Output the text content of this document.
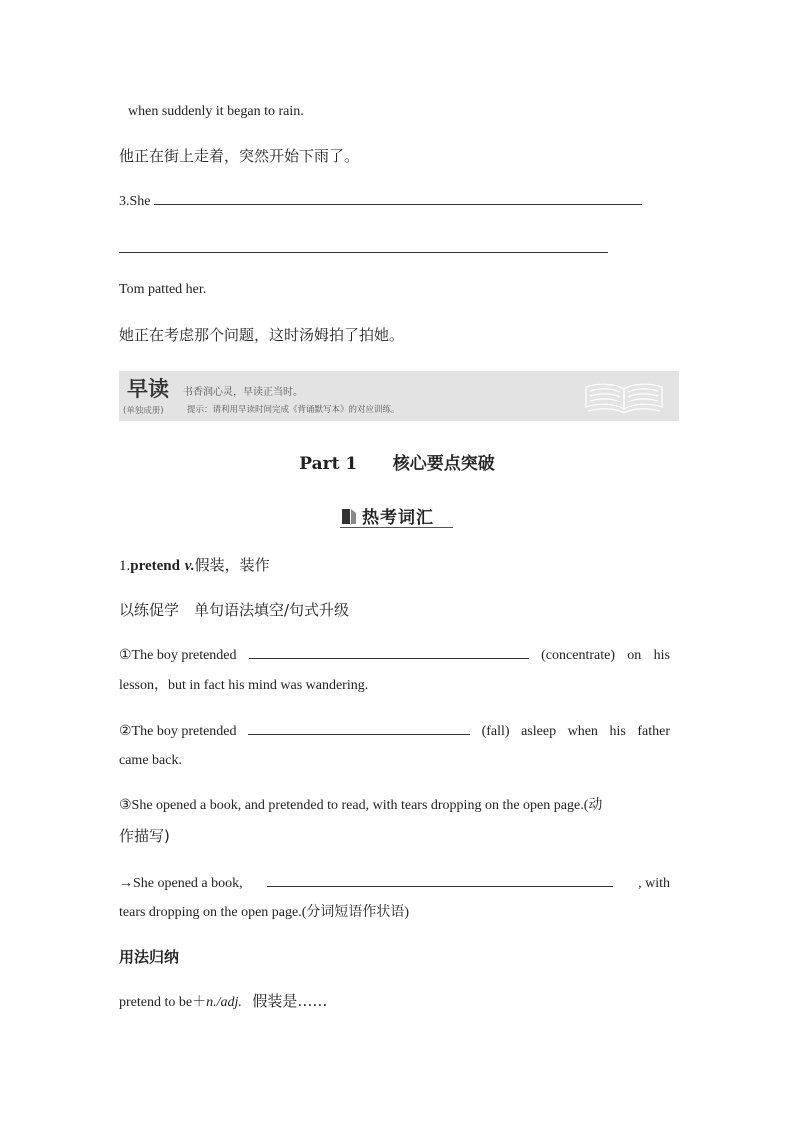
when suddenly it began to rain.
他正在街上走着，突然开始下雨了。
3.She
Tom patted her.
她正在考虑那个问题，这时汤姆拍了拍她。
早读 书香润心灵，早读正当时。
(单独成册)	提示：请利用早读时间完成《背诵默写本》的对应训练。
Part 1 核心要点突破
热考词汇
1.pretend v.假装，装作
以练促学　单句语法填空/句式升级
①The boy pretended	(concentrate) on his
lesson，but in fact his mind was wandering.
②The boy pretended	(fall) asleep when his father
came back.
③She opened a book, and pretended to read, with tears dropping on the open page.(动
作描写)
→She opened a book,	, with
tears dropping on the open page.(分词短语作状语)
用法归纳
pretend to be＋n./adj. 假装是……
